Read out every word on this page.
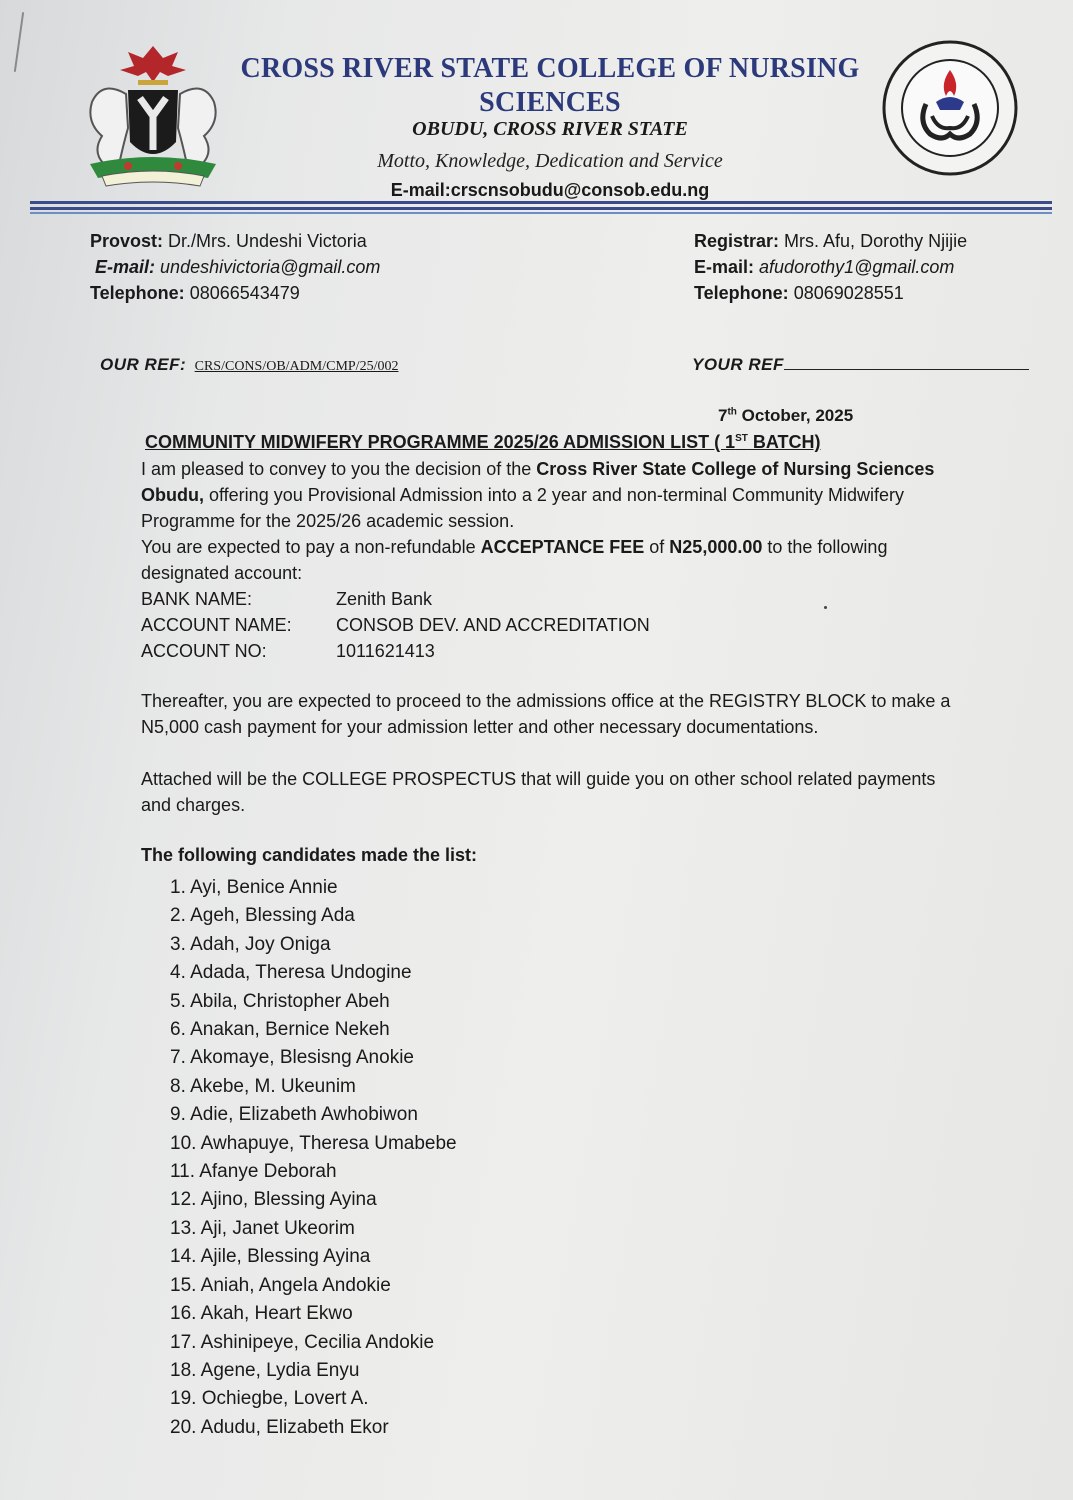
CROSS RIVER STATE COLLEGE OF NURSING
SCIENCES
OBUDU, CROSS RIVER STATE
Motto, Knowledge, Dedication and Service
E-mail:crscnsobudu@consob.edu.ng
Provost: Dr./Mrs. Undeshi Victoria
E-mail: undeshivictoria@gmail.com
Telephone: 08066543479
Registrar: Mrs. Afu, Dorothy Njijie
E-mail: afudorothy1@gmail.com
Telephone: 08069028551
OUR REF: CRS/CONS/OB/ADM/CMP/25/002	YOUR REF
7th October, 2025
COMMUNITY MIDWIFERY PROGRAMME 2025/26 ADMISSION LIST ( 1ST BATCH)
I am pleased to convey to you the decision of the Cross River State College of Nursing Sciences Obudu, offering you Provisional Admission into a 2 year and non-terminal Community Midwifery Programme for the 2025/26 academic session.
You are expected to pay a non-refundable ACCEPTANCE FEE of N25,000.00 to the following designated account:
BANK NAME:	Zenith Bank
ACCOUNT NAME:	CONSOB DEV. AND ACCREDITATION
ACCOUNT NO:	1011621413
Thereafter, you are expected to proceed to the admissions office at the REGISTRY BLOCK to make a N5,000 cash payment for your admission letter and other necessary documentations.
Attached will be the COLLEGE PROSPECTUS that will guide you on other school related payments and charges.
The following candidates made the list:
1. Ayi, Benice Annie
2. Ageh, Blessing Ada
3. Adah, Joy Oniga
4. Adada, Theresa Undogine
5. Abila, Christopher Abeh
6. Anakan, Bernice Nekeh
7. Akomaye, Blesisng Anokie
8. Akebe, M. Ukeunim
9. Adie, Elizabeth Awhobiwon
10. Awhapuye, Theresa Umabebe
11. Afanye Deborah
12. Ajino, Blessing Ayina
13. Aji, Janet Ukeorim
14. Ajile, Blessing Ayina
15. Aniah, Angela Andokie
16. Akah, Heart Ekwo
17. Ashinipeye, Cecilia Andokie
18. Agene, Lydia Enyu
19. Ochiegbe, Lovert A.
20. Adudu, Elizabeth Ekor
